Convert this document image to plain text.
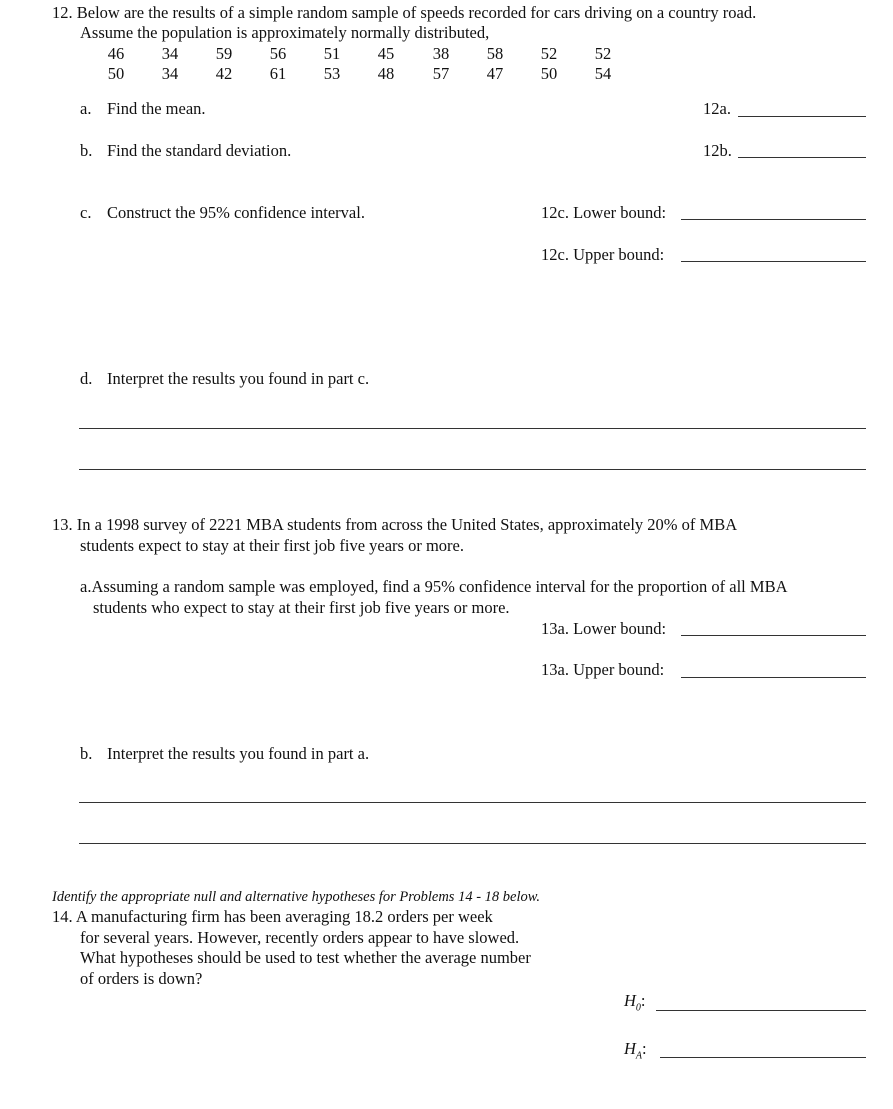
12. Below are the results of a simple random sample of speeds recorded for cars driving on a country road.
Assume the population is approximately normally distributed,
46	34	59	56	51	45	38	58	52	52
50	34	42	61	53	48	57	47	50	54
a. Find the mean.	12a.
b. Find the standard deviation.	12b.
c. Construct the 95% confidence interval.	12c. Lower bound:
12c. Upper bound:
d. Interpret the results you found in part c.
13. In a 1998 survey of 2221 MBA students from across the United States, approximately 20% of MBA
students expect to stay at their first job five years or more.
a.Assuming a random sample was employed, find a 95% confidence interval for the proportion of all MBA
students who expect to stay at their first job five years or more.
13a. Lower bound:
13a. Upper bound:
b. Interpret the results you found in part a.
Identify the appropriate null and alternative hypotheses for Problems 14 - 18 below.
14. A manufacturing firm has been averaging 18.2 orders per week
for several years. However, recently orders appear to have slowed.
What hypotheses should be used to test whether the average number
of orders is down?
$H_0$:
$H_A$:
